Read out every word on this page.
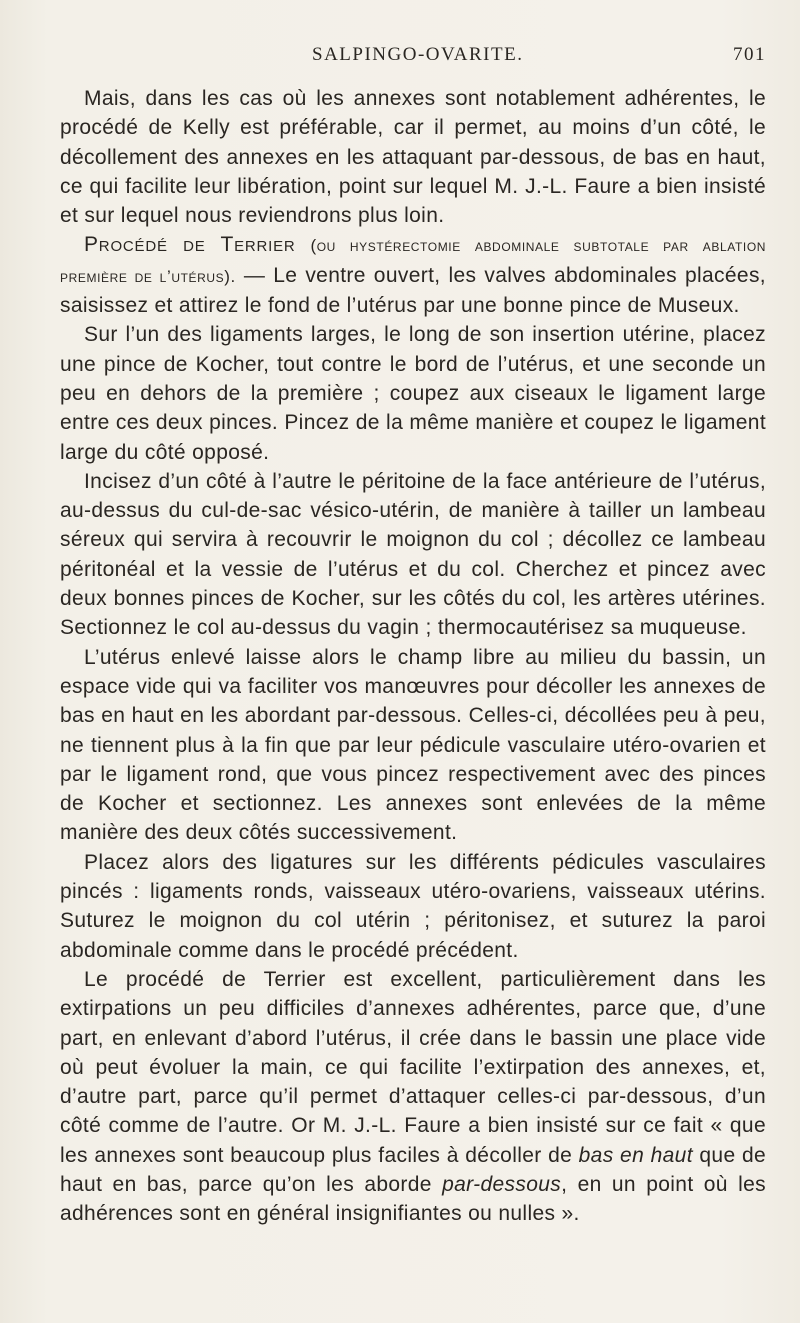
SALPINGO-OVARITE.	701

Mais, dans les cas où les annexes sont notablement adhérentes, le procédé de Kelly est préférable, car il permet, au moins d’un côté, le décollement des annexes en les attaquant par-dessous, de bas en haut, ce qui facilite leur libération, point sur lequel M. J.-L. Faure a bien insisté et sur lequel nous reviendrons plus loin.

Procédé de Terrier (ou hystérectomie abdominale subtotale par ablation première de l’utérus). — Le ventre ouvert, les valves abdominales placées, saisissez et attirez le fond de l’utérus par une bonne pince de Museux.

Sur l’un des ligaments larges, le long de son insertion utérine, placez une pince de Kocher, tout contre le bord de l’utérus, et une seconde un peu en dehors de la première ; coupez aux ciseaux le ligament large entre ces deux pinces. Pincez de la même manière et coupez le ligament large du côté opposé.

Incisez d’un côté à l’autre le péritoine de la face antérieure de l’utérus, au-dessus du cul-de-sac vésico-utérin, de manière à tailler un lambeau séreux qui servira à recouvrir le moignon du col ; décollez ce lambeau péritonéal et la vessie de l’utérus et du col. Cherchez et pincez avec deux bonnes pinces de Kocher, sur les côtés du col, les artères utérines. Sectionnez le col au-dessus du vagin ; thermocautérisez sa muqueuse.

L’utérus enlevé laisse alors le champ libre au milieu du bassin, un espace vide qui va faciliter vos manœuvres pour décoller les annexes de bas en haut en les abordant par-dessous. Celles-ci, décollées peu à peu, ne tiennent plus à la fin que par leur pédicule vasculaire utéro-ovarien et par le ligament rond, que vous pincez respectivement avec des pinces de Kocher et sectionnez. Les annexes sont enlevées de la même manière des deux côtés successivement.

Placez alors des ligatures sur les différents pédicules vasculaires pincés : ligaments ronds, vaisseaux utéro-ovariens, vaisseaux utérins. Suturez le moignon du col utérin ; péritonisez, et suturez la paroi abdominale comme dans le procédé précédent.

Le procédé de Terrier est excellent, particulièrement dans les extirpations un peu difficiles d’annexes adhérentes, parce que, d’une part, en enlevant d’abord l’utérus, il crée dans le bassin une place vide où peut évoluer la main, ce qui facilite l’extirpation des annexes, et, d’autre part, parce qu’il permet d’attaquer celles-ci par-dessous, d’un côté comme de l’autre. Or M. J.-L. Faure a bien insisté sur ce fait « que les annexes sont beaucoup plus faciles à décoller de bas en haut que de haut en bas, parce qu’on les aborde par-dessous, en un point où les adhérences sont en général insignifiantes ou nulles ».
